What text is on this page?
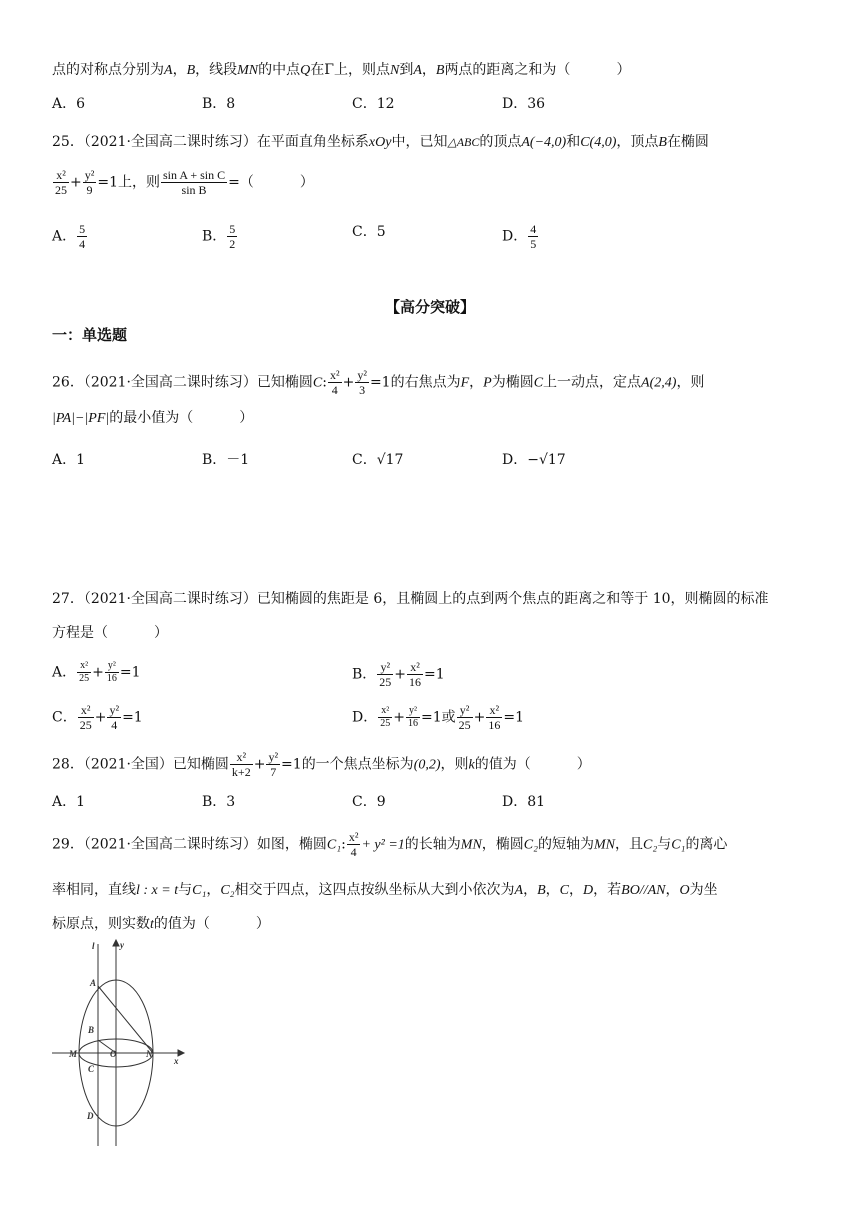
点的对称点分别为A，B，线段MN的中点Q在Γ上，则点N到A，B两点的距离之和为（	）
A．6	B．8	C．12	D．36
25．（2021·全国高二课时练习）在平面直角坐标系xOy中，已知△ABC的顶点A(−4,0)和C(4,0)，顶点B在椭圆
$\frac{\text{x²}}{25} + \frac{\text{y²}}{9} =1$上，则 $\frac{\text{sin A + sin C}}{\text{sin B}}$ =（	）
A． $\frac{5}{4}$	B． $\frac{5}{2}$	C．5	D． $\frac{4}{5}$
【高分突破】
一：单选题
26．（2021·全国高二课时练习）已知椭圆C: $\frac{\text{x²}}{4} + \frac{\text{y²}}{3} =1$的右焦点为F，P为椭圆C上一动点，定点A(2,4)，则
|PA|−|PF|的最小值为（	）
A．1	B．－1	C．√17	D．−√17
27．（2021·全国高二课时练习）已知椭圆的焦距是 6，且椭圆上的点到两个焦点的距离之和等于 10，则椭圆的标准
方程是（	）
A． $\frac{\text{x²}}{25} + \frac{\text{y²}}{16} =1$	B． $\frac{\text{y²}}{25} + \frac{\text{x²}}{16} =1$
C． $\frac{\text{x²}}{25} + \frac{\text{y²}}{4} =1$	D． $\frac{\text{x²}}{25} + \frac{\text{y²}}{16} =1$或 $\frac{\text{y²}}{25} + \frac{\text{x²}}{16} =1$
28．（2021·全国）已知椭圆 $\frac{\text{x²}}{k+2} + \frac{\text{y²}}{7} =1$的一个焦点坐标为(0,2)，则k的值为（	）
A．1	B．3	C．9	D．81
29．（2021·全国高二课时练习）如图，椭圆C₁: $\frac{\text{x²}}{4} + y^2 =1$的长轴为MN，椭圆C₂的短轴为MN，且C₂与C₁的离心
率相同，直线l : x = t与C₁，C₂相交于四点，这四点按纵坐标从大到小依次为A，B，C，D，若BO//AN，O为坐
标原点，则实数t的值为（	）
l	y
x
A
B
C
D
M	O	N
